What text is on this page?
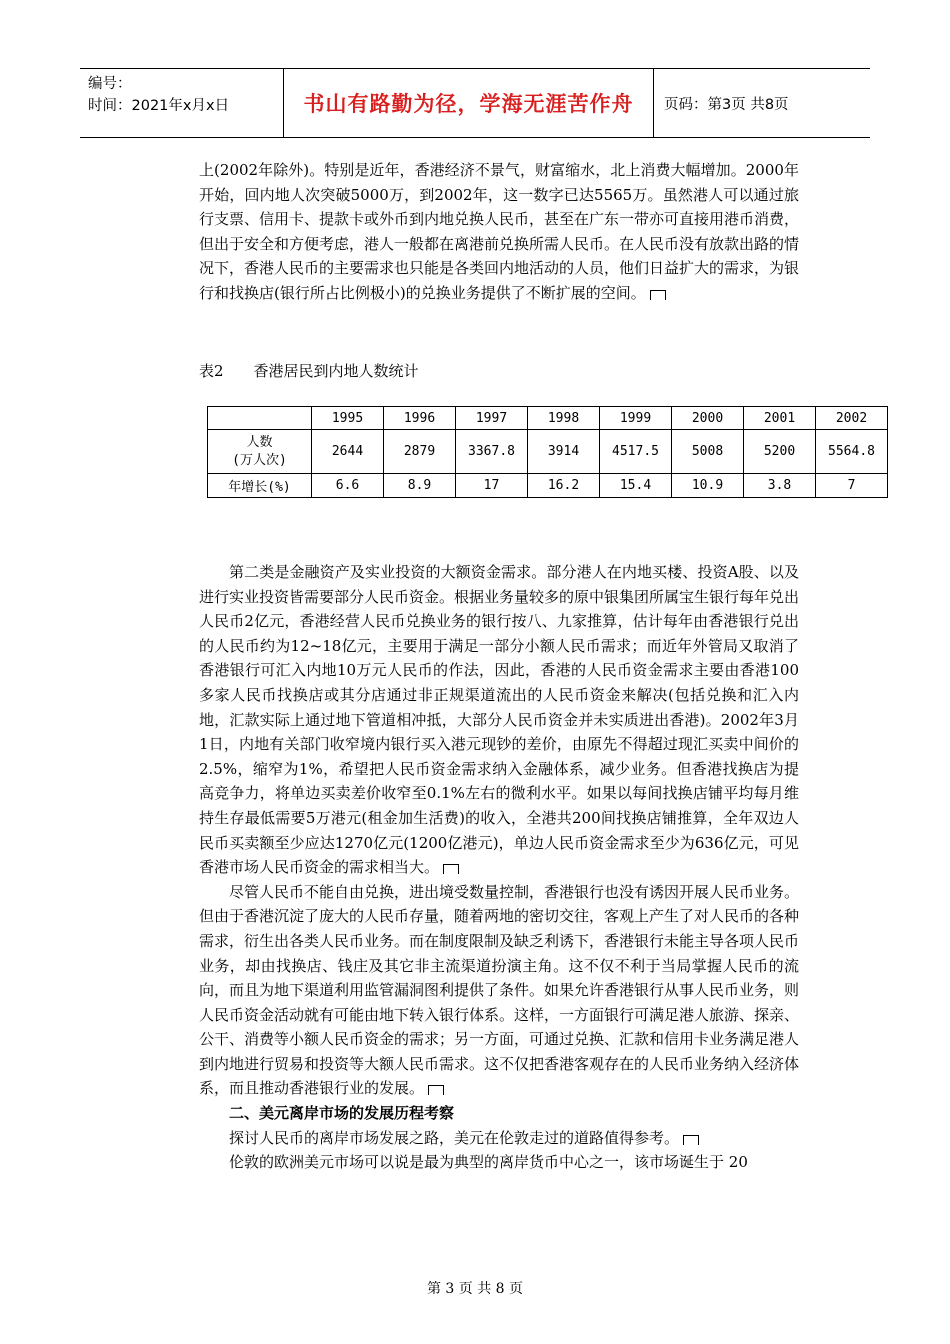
编号：
时间：2021年x月x日	书山有路勤为径，学海无涯苦作舟	页码：第3页 共8页

上(2002年除外)。特别是近年，香港经济不景气，财富缩水，北上消费大幅增加。2000年开始，回内地人次突破5000万，到2002年，这一数字已达5565万。虽然港人可以通过旅行支票、信用卡、提款卡或外币到内地兑换人民币，甚至在广东一带亦可直接用港币消费，但出于安全和方便考虑，港人一般都在离港前兑换所需人民币。在人民币没有放款出路的情况下，香港人民币的主要需求也只能是各类回内地活动的人员，他们日益扩大的需求，为银行和找换店(银行所占比例极小)的兑换业务提供了不断扩展的空间。

表2 香港居民到内地人数统计
	1995	1996	1997	1998	1999	2000	2001	2002

人数
(万人次)	2644	2879	3367.8	3914	4517.5	5008	5200	5564.8
年增长(%)	6.6	8.9	17	16.2	15.4	10.9	3.8	7

第二类是金融资产及实业投资的大额资金需求。部分港人在内地买楼、投资A股、以及进行实业投资皆需要部分人民币资金。根据业务量较多的原中银集团所属宝生银行每年兑出人民币2亿元，香港经营人民币兑换业务的银行按八、九家推算，估计每年由香港银行兑出的人民币约为12~18亿元，主要用于满足一部分小额人民币需求；而近年外管局又取消了香港银行可汇入内地10万元人民币的作法，因此，香港的人民币资金需求主要由香港100多家人民币找换店或其分店通过非正规渠道流出的人民币资金来解决(包括兑换和汇入内地，汇款实际上通过地下管道相冲抵，大部分人民币资金并未实质进出香港)。2002年3月1日，内地有关部门收窄境内银行买入港元现钞的差价，由原先不得超过现汇买卖中间价的2.5%，缩窄为1%，希望把人民币资金需求纳入金融体系，减少业务。但香港找换店为提高竞争力，将单边买卖差价收窄至0.1%左右的微利水平。如果以每间找换店铺平均每月维持生存最低需要5万港元(租金加生活费)的收入，全港共200间找换店铺推算，全年双边人民币买卖额至少应达1270亿元(1200亿港元)，单边人民币资金需求至少为636亿元，可见香港市场人民币资金的需求相当大。

尽管人民币不能自由兑换，进出境受数量控制，香港银行也没有诱因开展人民币业务。但由于香港沉淀了庞大的人民币存量，随着两地的密切交往，客观上产生了对人民币的各种需求，衍生出各类人民币业务。而在制度限制及缺乏利诱下，香港银行未能主导各项人民币业务，却由找换店、钱庄及其它非主流渠道扮演主角。这不仅不利于当局掌握人民币的流向，而且为地下渠道利用监管漏洞图利提供了条件。如果允许香港银行从事人民币业务，则人民币资金活动就有可能由地下转入银行体系。这样，一方面银行可满足港人旅游、探亲、公干、消费等小额人民币资金的需求；另一方面，可通过兑换、汇款和信用卡业务满足港人到内地进行贸易和投资等大额人民币需求。这不仅把香港客观存在的人民币业务纳入经济体系，而且推动香港银行业的发展。

二、美元离岸市场的发展历程考察

探讨人民币的离岸市场发展之路，美元在伦敦走过的道路值得参考。

伦敦的欧洲美元市场可以说是最为典型的离岸货币中心之一，该市场诞生于 20

第 3 页 共 8 页
